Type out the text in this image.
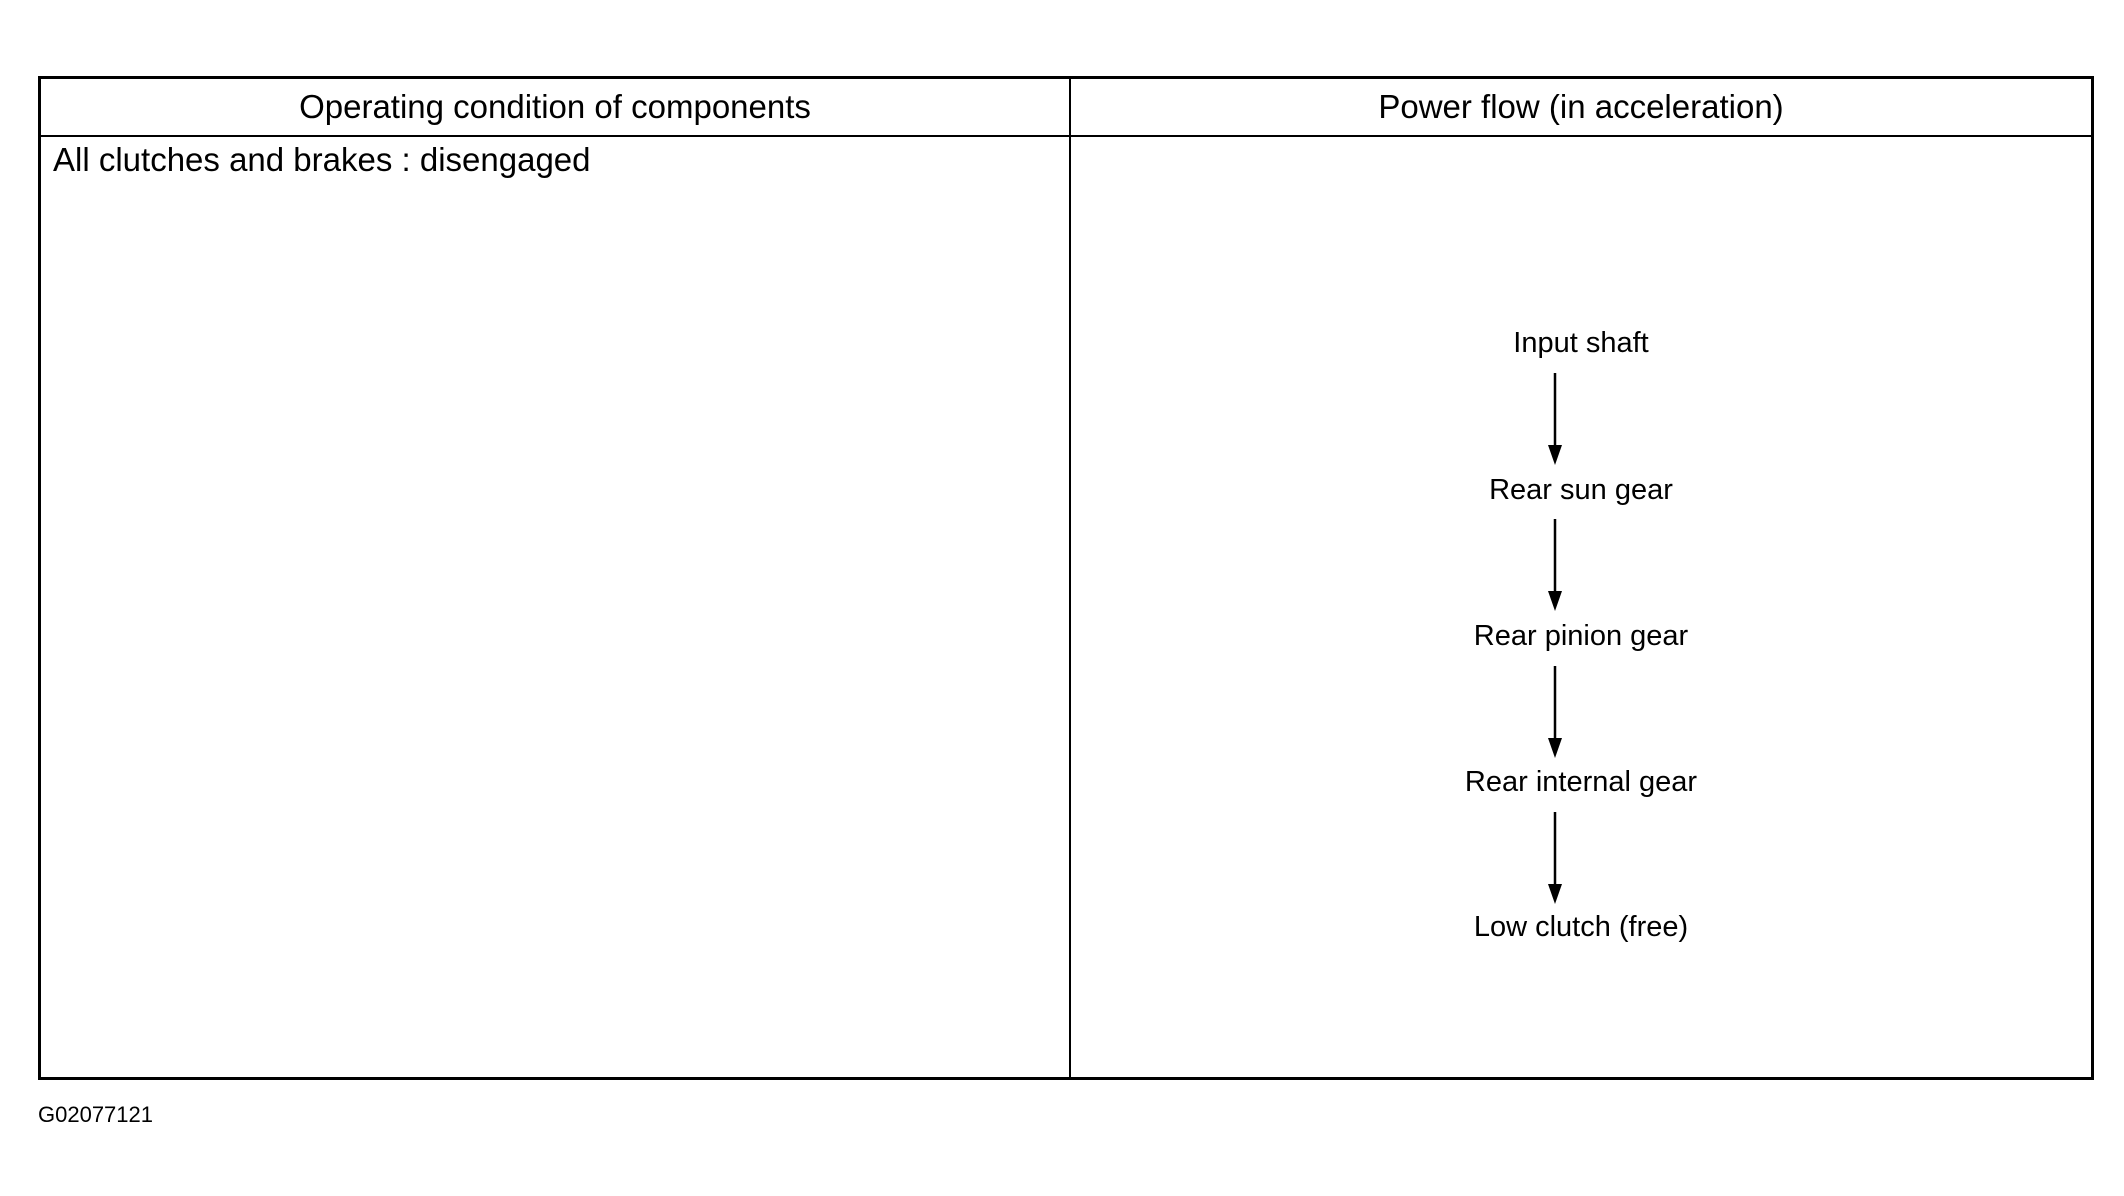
Operating condition of components	Power flow (in acceleration)
All clutches and brakes : disengaged
Input shaft
Rear sun gear
Rear pinion gear
Rear internal gear
Low clutch (free)
G02077121
